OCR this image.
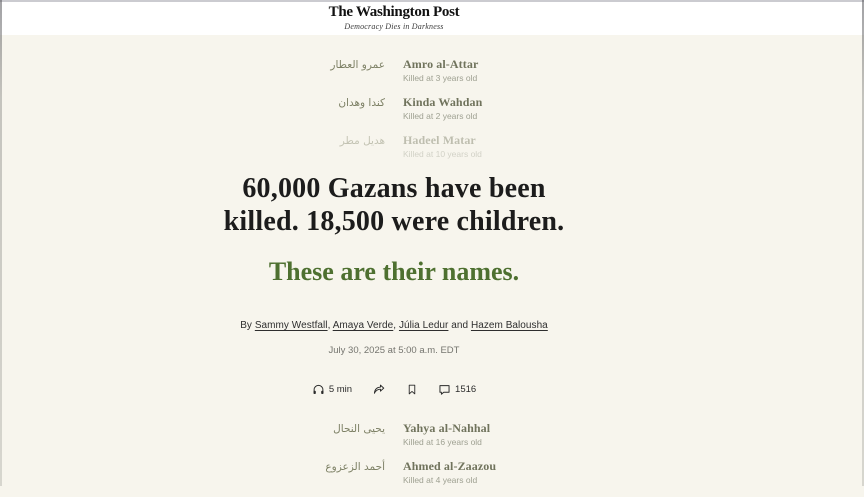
The Washington Post
Democracy Dies in Darkness
عمرو العطار	Amro al-Attar
Killed at 3 years old
كندا وهدان	Kinda Wahdan
Killed at 2 years old
هديل مطر	Hadeel Matar
Killed at 10 years old
60,000 Gazans have been
killed. 18,500 were children.
These are their names.
By Sammy Westfall, Amaya Verde, Júlia Ledur and Hazem Balousha
July 30, 2025 at 5:00 a.m. EDT
5 min	1516
يحيى النحال	Yahya al-Nahhal
Killed at 16 years old
أحمد الزعزوع	Ahmed al-Zaazou
Killed at 4 years old
